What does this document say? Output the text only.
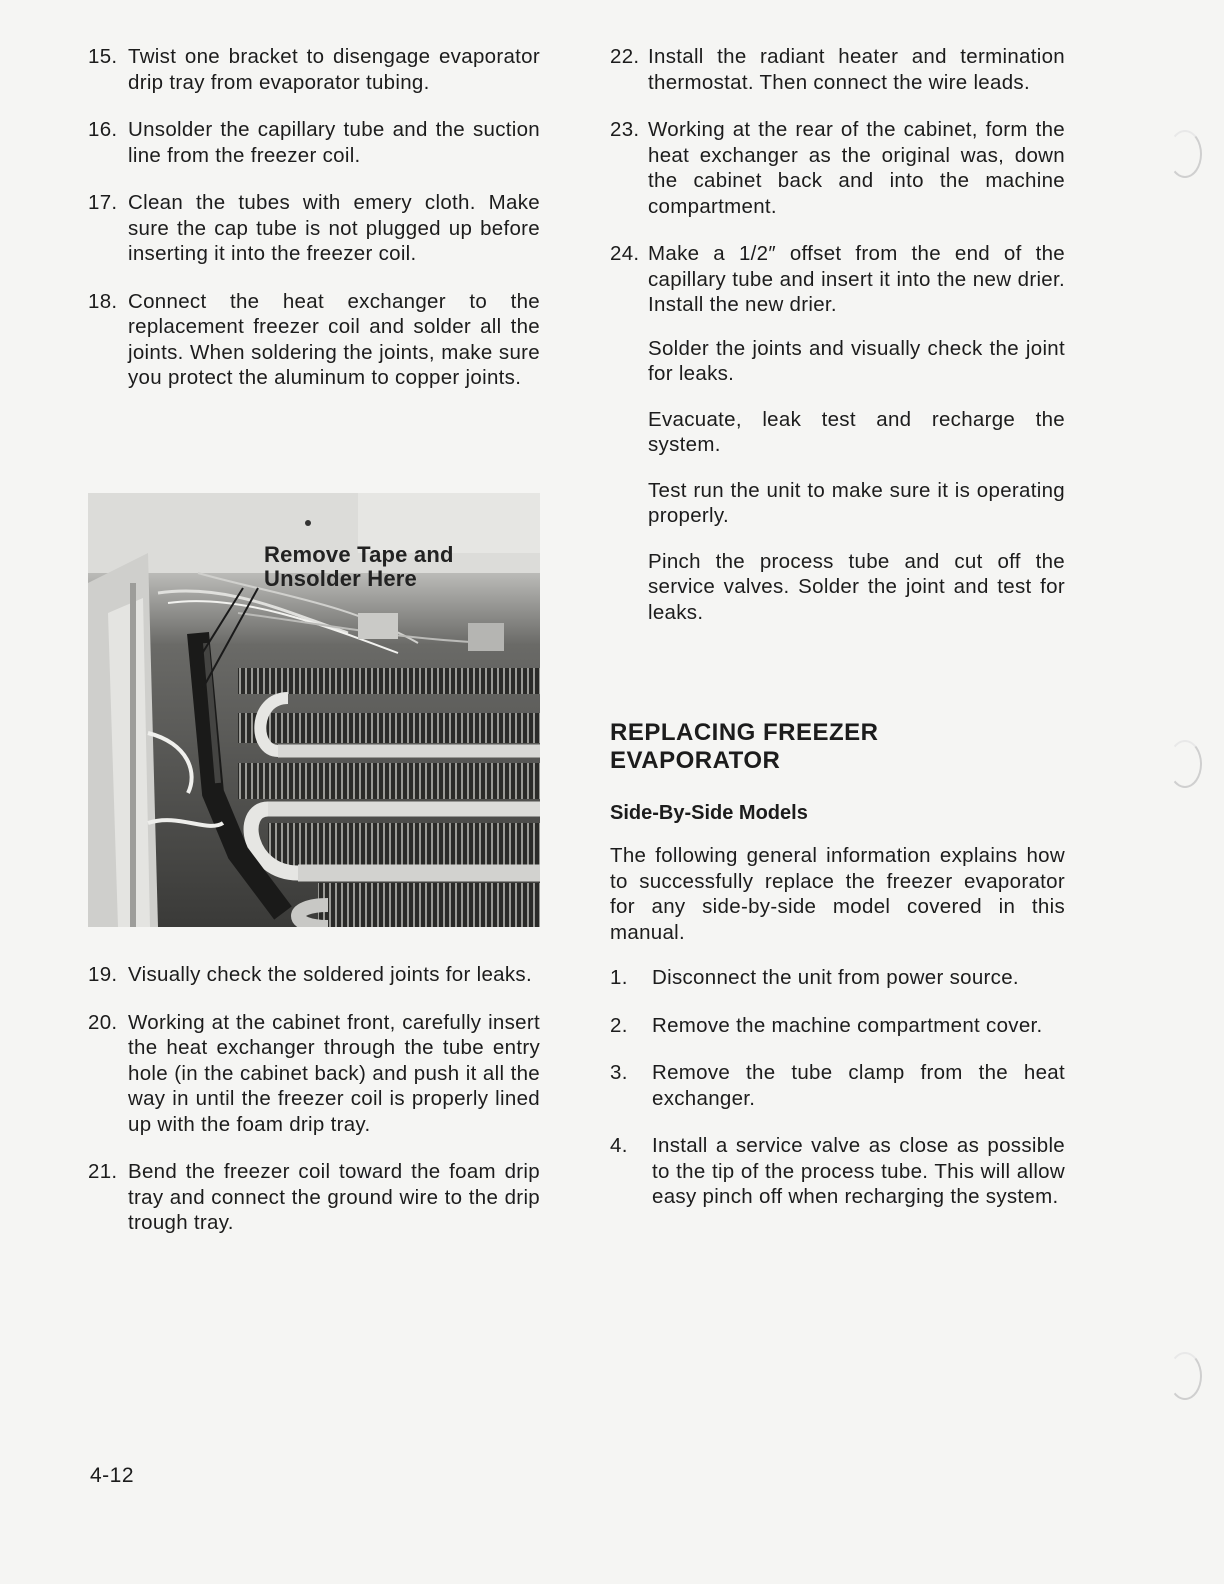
15. Twist one bracket to disengage evaporator drip tray from evaporator tubing.
16. Unsolder the capillary tube and the suction line from the freezer coil.
17. Clean the tubes with emery cloth. Make sure the cap tube is not plugged up before inserting it into the freezer coil.
18. Connect the heat exchanger to the replacement freezer coil and solder all the joints. When soldering the joints, make sure you protect the aluminum to copper joints.
Remove Tape and
Unsolder Here
19. Visually check the soldered joints for leaks.
20. Working at the cabinet front, carefully insert the heat exchanger through the tube entry hole (in the cabinet back) and push it all the way in until the freezer coil is properly lined up with the foam drip tray.
21. Bend the freezer coil toward the foam drip tray and connect the ground wire to the drip trough tray.
22. Install the radiant heater and termination thermostat. Then connect the wire leads.
23. Working at the rear of the cabinet, form the heat exchanger as the original was, down the cabinet back and into the machine compartment.
24. Make a 1/2″ offset from the end of the capillary tube and insert it into the new drier. Install the new drier.
Solder the joints and visually check the joint for leaks.
Evacuate, leak test and recharge the system.
Test run the unit to make sure it is operating properly.
Pinch the process tube and cut off the service valves. Solder the joint and test for leaks.
REPLACING FREEZER
EVAPORATOR
Side-By-Side Models
The following general information explains how to successfully replace the freezer evaporator for any side-by-side model covered in this manual.
1.	Disconnect the unit from power source.
2.	Remove the machine compartment cover.
3.	Remove the tube clamp from the heat exchanger.
4.	Install a service valve as close as possible to the tip of the process tube. This will allow easy pinch off when recharging the system.
4-12
